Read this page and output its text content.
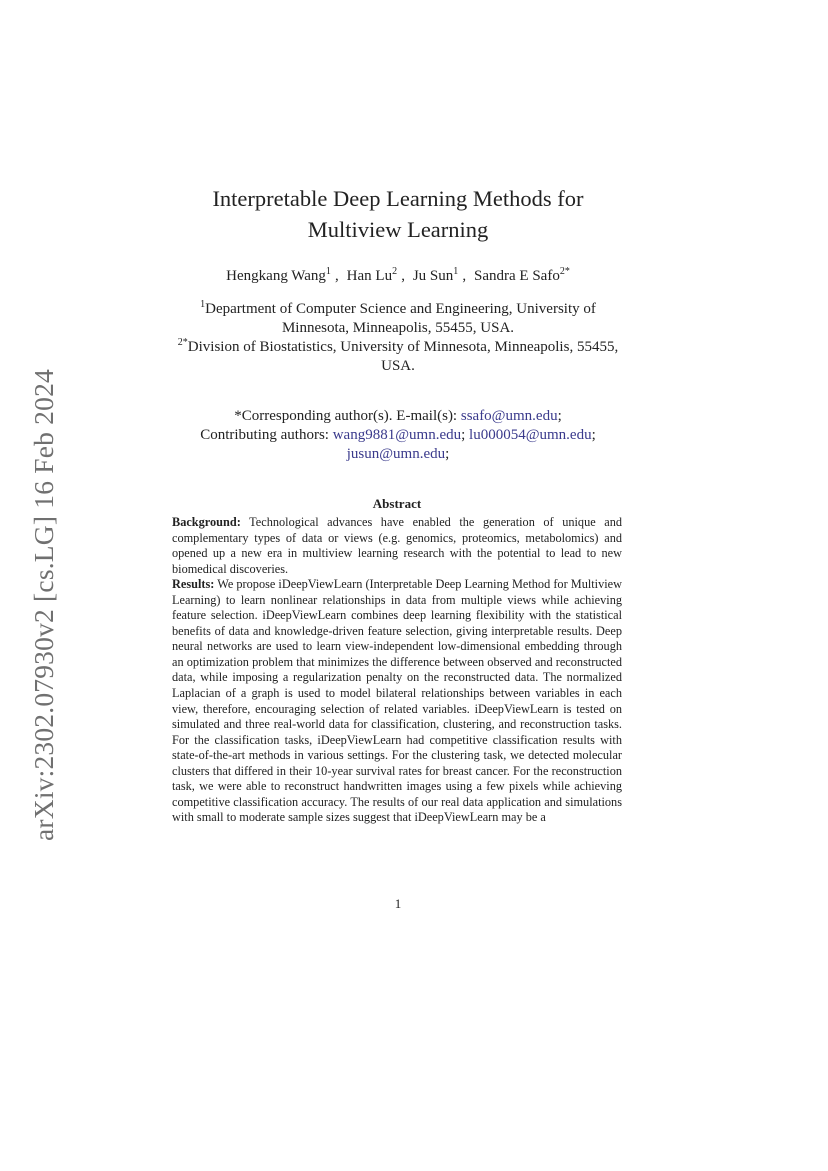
arXiv:2302.07930v2 [cs.LG] 16 Feb 2024
Interpretable Deep Learning Methods for
Multiview Learning
Hengkang Wang$^1$ , Han Lu$^2$ , Ju Sun$^1$ , Sandra E Safo$^{2*}$

$^1$Department of Computer Science and Engineering, University of
Minnesota, Minneapolis, 55455, USA.

$^{2*}$Division of Biostatistics, University of Minnesota, Minneapolis, 55455,
USA.

*Corresponding author(s). E-mail(s): ssafo@umn.edu;
Contributing authors: wang9881@umn.edu; lu000054@umn.edu;
jusun@umn.edu;

Abstract

Background: Technological advances have enabled the generation of unique and complementary types of data or views (e.g. genomics, proteomics, metabolomics) and opened up a new era in multiview learning research with the potential to lead to new biomedical discoveries.

Results: We propose iDeepViewLearn (Interpretable Deep Learning Method for Multiview Learning) to learn nonlinear relationships in data from multiple views while achieving feature selection. iDeepViewLearn combines deep learning flexibility with the statistical benefits of data and knowledge-driven feature selection, giving interpretable results. Deep neural networks are used to learn view-independent low-dimensional embedding through an optimization problem that minimizes the difference between observed and reconstructed data, while imposing a regularization penalty on the reconstructed data. The normalized Laplacian of a graph is used to model bilateral relationships between variables in each view, therefore, encouraging selection of related variables. iDeepViewLearn is tested on simulated and three real-world data for classification, clustering, and reconstruction tasks. For the classification tasks, iDeepViewLearn had competitive classification results with state-of-the-art methods in various settings. For the clustering task, we detected molecular clusters that differed in their 10-year survival rates for breast cancer. For the reconstruction task, we were able to reconstruct handwritten images using a few pixels while achieving competitive classification accuracy. The results of our real data application and simulations with small to moderate sample sizes suggest that iDeepViewLearn may be a

1
